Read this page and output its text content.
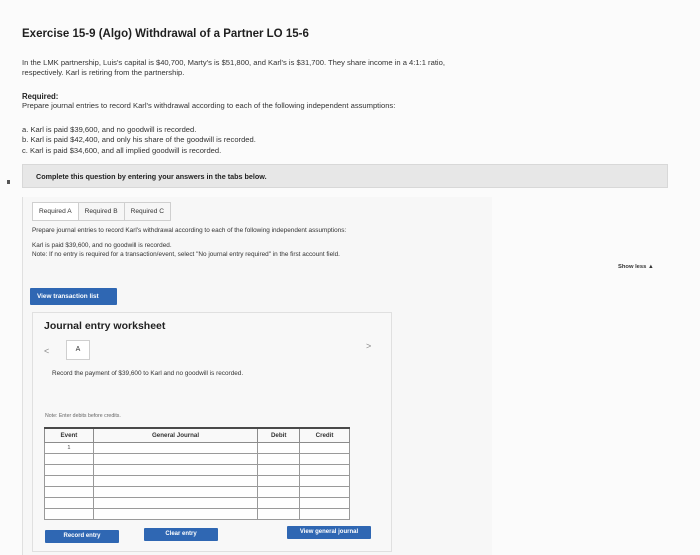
Exercise 15-9 (Algo) Withdrawal of a Partner LO 15-6
In the LMK partnership, Luis's capital is $40,700, Marty's is $51,800, and Karl's is $31,700. They share income in a 4:1:1 ratio,
respectively. Karl is retiring from the partnership.
Required:
Prepare journal entries to record Karl's withdrawal according to each of the following independent assumptions:
a. Karl is paid $39,600, and no goodwill is recorded.
b. Karl is paid $42,400, and only his share of the goodwill is recorded.
c. Karl is paid $34,600, and all implied goodwill is recorded.
Complete this question by entering your answers in the tabs below.
Required A	Required B	Required C
Prepare journal entries to record Karl's withdrawal according to each of the following independent assumptions:
Karl is paid $39,600, and no goodwill is recorded.
Note: If no entry is required for a transaction/event, select "No journal entry required" in the first account field.
Show less ▲
View transaction list
Journal entry worksheet
<	A	>
Record the payment of $39,600 to Karl and no goodwill is recorded.
Note: Enter debits before credits.
Event	General Journal	Debit	Credit
1			

Record entry	Clear entry	View general journal
